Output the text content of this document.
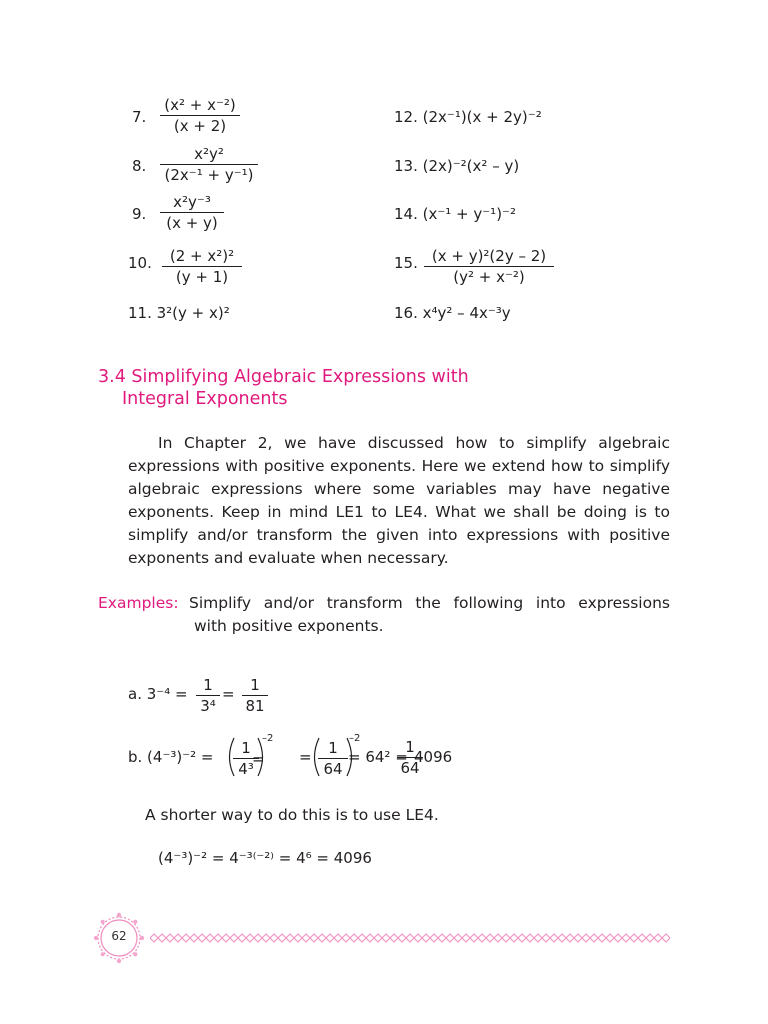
7. $\frac{\text{(x² + x⁻²)}}{(x + 2)}$
8. $\frac{\text{x²y²}}{\text{(2x⁻¹ + y⁻¹)}}$
9. $\frac{\text{x²y⁻³}}{(x + y)}$
10. $\frac{\text{(2 + x²)²}}{(y + 1)}$
11. 3²(y + x)²
12. (2x⁻¹)(x + 2y)⁻²
13. (2x)⁻²(x² – y)
14. (x⁻¹ + y⁻¹)⁻²
15. $\frac{\text{(x + y)²(2y – 2)}}{\text{(y² + x⁻²)}}$
16. x⁴y² – 4x⁻³y
3.4 Simplifying Algebraic Expressions with
Integral Exponents
In Chapter 2, we have discussed how to simplify algebraic expressions with positive exponents. Here we extend how to simplify algebraic expressions where some variables may have negative exponents. Keep in mind LE1 to LE4. What we shall be doing is to simplify and/or transform the given into expressions with positive exponents and evaluate when necessary.
Examples: Simplify and/or transform the following into expressions
with positive exponents.
a. $3^{-4} = \frac{1}{\text{3⁴}} = \frac{1}{81}$
b. $(4^{-3})^{-2} = \frac{1}{\text{4³}}$
–2
= = $\frac{1}{64}$
–2
= 64² =
$\frac{1}{64}$
4096
A shorter way to do this is to use LE4.
(4⁻³)⁻² = 4⁻³⁽⁻²⁾ = 4⁶ = 4096
62
